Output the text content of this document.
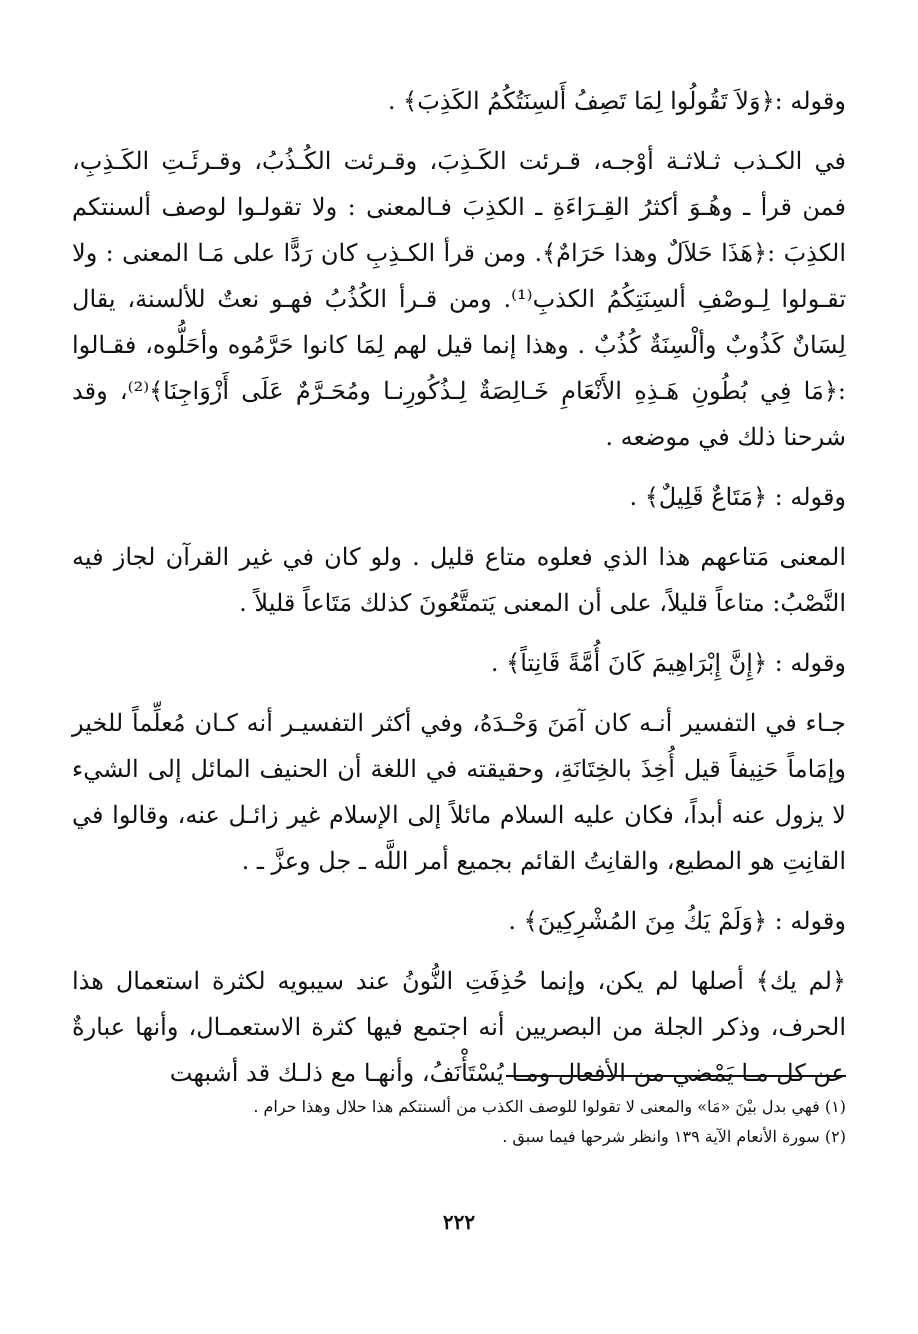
وقوله :﴿وَلاَ تَقُولُوا لِمَا تَصِفُ أَلسِنَتُكُمُ الكَذِبَ﴾ .

في الكـذب ثـلاثـة أوْجـه، قـرئت الكَـذِبَ، وقـرئت الكُـذُبُ، وقـرئَـتِ الكَـذِبِ، فمن قرأ ـ وهُـوَ أكثرُ القِـرَاءَةِ ـ الكذِبَ فـالمعنى : ولا تقولـوا لوصف ألسنتكم الكذِبَ :﴿هَذَا حَلاَلٌ وهذا حَرَامٌ﴾. ومن قرأ الكـذِبِ كان رَدًّا على مَـا المعنى : ولا تقـولوا لِـوصْفِ ألسِنَتِكُمُ الكذبِ⁽¹⁾. ومن قـرأ الكُذُبُ فهـو نعتٌ للألسنة، يقال لِسَانٌ كَذُوبٌ وألْسِنَةٌ كُذُبٌ . وهذا إنما قيل لهم لِمَا كانوا حَرَّمُوه وأحَلُّوه، فقـالوا :﴿مَا فِي بُطُونِ هَـذِهِ الأَنْعَامِ خَـالِصَةٌ لِـذُكُورِنـا ومُحَـرَّمٌ عَلَى أَزْوَاجِنَا﴾⁽²⁾، وقد شرحنا ذلك في موضعه .

وقوله : ﴿مَتَاعٌ قَلِيلٌ﴾ .

المعنى مَتاعهم هذا الذي فعلوه متاع قليل . ولو كان في غير القرآن لجاز فيه النَّصْبُ: متاعاً قليلاً، على أن المعنى يَتمتَّعُونَ كذلك مَتَاعاً قليلاً .

وقوله : ﴿إِنَّ إِبْرَاهِيمَ كَانَ أُمَّةً قَانِتاً﴾ .

جـاء في التفسير أنـه كان آمَنَ وَحْـدَهُ، وفي أكثر التفسيـر أنه كـان مُعلِّماً للخير وإمَاماً حَنِيفاً قيل أُخِذَ بالخِتَانَةِ، وحقيقته في اللغة أن الحنيف المائل إلى الشيء لا يزول عنه أبداً، فكان عليه السلام مائلاً إلى الإسلام غير زائـل عنه، وقالوا في القانِتِ هو المطيع، والقانِتُ القائم بجميع أمر اللَّه ـ جل وعزَّ ـ .

وقوله : ﴿وَلَمْ يَكُ مِنَ المُشْرِكِينَ﴾ .

﴿لم يك﴾ أصلها لم يكن، وإنما حُذِفَتِ النُّونُ عند سيبويه لكثرة استعمال هذا الحرف، وذكر الجلة من البصريين أنه اجتمع فيها كثرة الاستعمـال، وأنها عبارةٌ عن كل مـا يَمْضي من الأفعال ومـا يُسْتَأْنَفُ، وأنهـا مع ذلـك قد أشبهت

(١) فهي بدل بيْنَ «مَا» والمعنى لا تقولوا للوصف الكذب من ألسنتكم هذا حلال وهذا حرام .

(٢) سورة الأنعام الآية ١٣٩ وانظر شرحها فيما سبق .

٢٢٢
